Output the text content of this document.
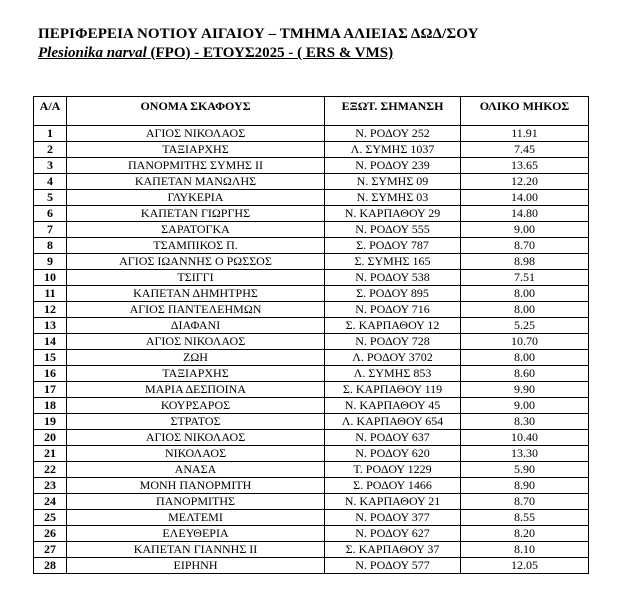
ΠΕΡΙΦΕΡΕΙΑ ΝΟΤΙΟΥ ΑΙΓΑΙΟΥ – ΤΜΗΜΑ ΑΛΙΕΙΑΣ ΔΩΔ/ΣΟΥ
Plesionika narval (FPO) - ΕΤΟΥΣ2025 - ( ERS & VMS)
Α/Α	ΟΝΟΜΑ ΣΚΑΦΟΥΣ	ΕΞΩΤ. ΣΗΜΑΝΣΗ	ΟΛΙΚΟ ΜΗΚΟΣ
1	ΑΓΙΟΣ ΝΙΚΟΛΑΟΣ	Ν. ΡΟΔΟΥ 252	11.91
2	ΤΑΞΙΑΡΧΗΣ	Λ. ΣΥΜΗΣ 1037	7.45
3	ΠΑΝΟΡΜΙΤΗΣ ΣΥΜΗΣ ΙΙ	Ν. ΡΟΔΟΥ 239	13.65
4	ΚΑΠΕΤΑΝ ΜΑΝΩΛΗΣ	Ν. ΣΥΜΗΣ 09	12.20
5	ΓΛΥΚΕΡΙΑ	Ν. ΣΥΜΗΣ 03	14.00
6	ΚΑΠΕΤΑΝ ΓΙΩΡΓΗΣ	Ν. ΚΑΡΠΑΘΟΥ 29	14.80
7	ΣΑΡΑΤΟΓΚΑ	Ν. ΡΟΔΟΥ 555	9.00
8	ΤΣΑΜΠΙΚΟΣ Π.	Σ. ΡΟΔΟΥ 787	8.70
9	ΑΓΙΟΣ ΙΩΑΝΝΗΣ Ο ΡΩΣΣΟΣ	Σ. ΣΥΜΗΣ 165	8.98
10	ΤΣΙΓΓΙ	Ν. ΡΟΔΟΥ 538	7.51
11	ΚΑΠΕΤΑΝ ΔΗΜΗΤΡΗΣ	Σ. ΡΟΔΟΥ 895	8.00
12	ΑΓΙΟΣ ΠΑΝΤΕΛΕΗΜΩΝ	Ν. ΡΟΔΟΥ 716	8.00
13	ΔΙΑΦΑΝΙ	Σ. ΚΑΡΠΑΘΟΥ 12	5.25
14	ΑΓΙΟΣ ΝΙΚΟΛΑΟΣ	Ν. ΡΟΔΟΥ 728	10.70
15	ΖΩΗ	Λ. ΡΟΔΟΥ 3702	8.00
16	ΤΑΞΙΑΡΧΗΣ	Λ. ΣΥΜΗΣ 853	8.60
17	ΜΑΡΙΑ ΔΕΣΠΟΙΝΑ	Σ. ΚΑΡΠΑΘΟΥ 119	9.90
18	ΚΟΥΡΣΑΡΟΣ	Ν. ΚΑΡΠΑΘΟΥ 45	9.00
19	ΣΤΡΑΤΟΣ	Λ. ΚΑΡΠΑΘΟΥ 654	8.30
20	ΑΓΙΟΣ ΝΙΚΟΛΑΟΣ	Ν. ΡΟΔΟΥ 637	10.40
21	ΝΙΚΟΛΑΟΣ	Ν. ΡΟΔΟΥ 620	13.30
22	ΑΝΑΣΑ	Τ. ΡΟΔΟΥ 1229	5.90
23	ΜΟΝΗ ΠΑΝΟΡΜΙΤΗ	Σ. ΡΟΔΟΥ 1466	8.90
24	ΠΑΝΟΡΜΙΤΗΣ	Ν. ΚΑΡΠΑΘΟΥ 21	8.70
25	ΜΕΛΤΕΜΙ	Ν. ΡΟΔΟΥ 377	8.55
26	ΕΛΕΥΘΕΡΙΑ	Ν. ΡΟΔΟΥ 627	8.20
27	ΚΑΠΕΤΑΝ ΓΙΑΝΝΗΣ ΙΙ	Σ. ΚΑΡΠΑΘΟΥ 37	8.10
28	ΕΙΡΗΝΗ	Ν. ΡΟΔΟΥ 577	12.05
